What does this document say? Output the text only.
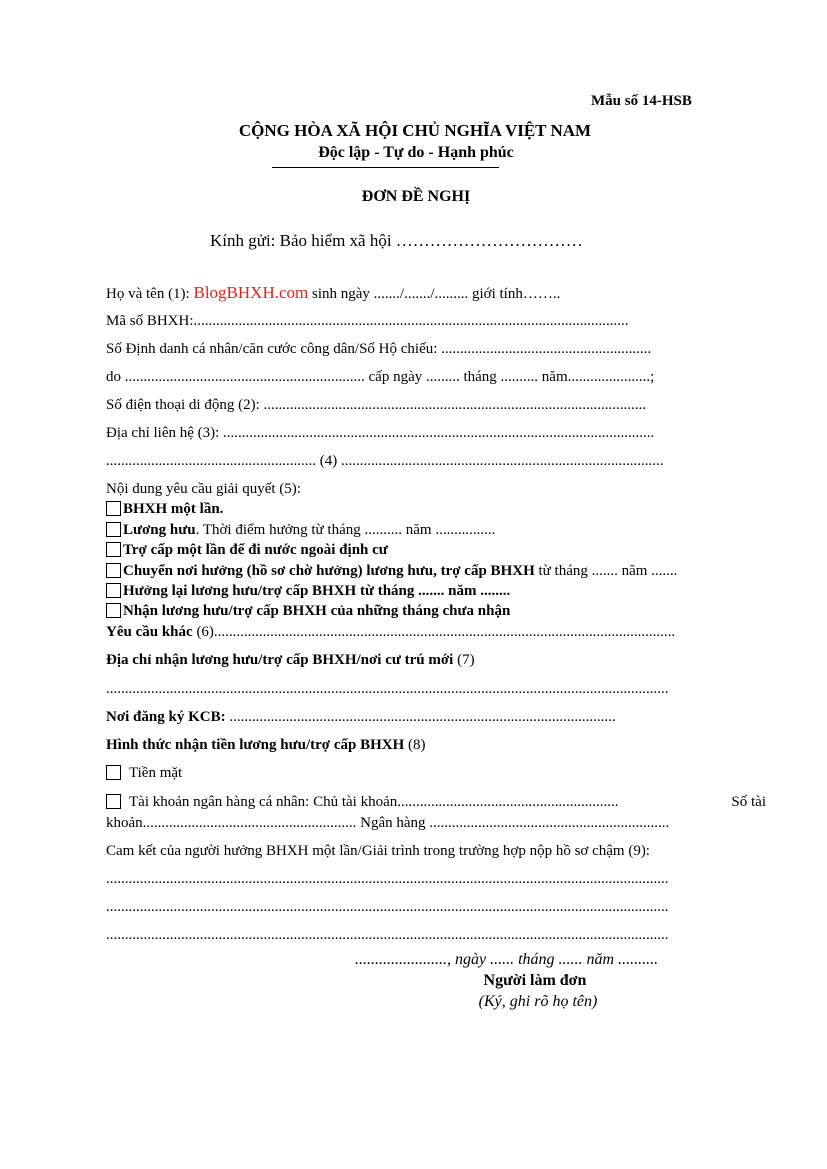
Mẫu số 14-HSB
CỘNG HÒA XÃ HỘI CHỦ NGHĨA VIỆT NAM
Độc lập - Tự do - Hạnh phúc
ĐƠN ĐỀ NGHỊ
Kính gửi: Bảo hiểm xã hội ……………………………
Họ và tên (1): BlogBHXH.com sinh ngày ......./......./......... giới tính……..
Mã số BHXH:....................................................................................................................
Số Định danh cá nhân/căn cước công dân/Số Hộ chiếu: ........................................................
do ................................................................ cấp ngày ......... tháng .......... năm......................;
Số điện thoại di động (2): ......................................................................................................
Địa chỉ liên hệ (3): ...................................................................................................................
........................................................ (4) ......................................................................................
Nội dung yêu cầu giải quyết (5):
BHXH một lần.
Lương hưu. Thời điểm hưởng từ tháng .......... năm ................
Trợ cấp một lần để đi nước ngoài định cư
Chuyển nơi hưởng (hồ sơ chờ hưởng) lương hưu, trợ cấp BHXH từ tháng ....... năm .......
Hưởng lại lương hưu/trợ cấp BHXH từ tháng ....... năm ........
Nhận lương hưu/trợ cấp BHXH của những tháng chưa nhận
Yêu cầu khác (6)...........................................................................................................................
Địa chỉ nhận lương hưu/trợ cấp BHXH/nơi cư trú mới (7)
......................................................................................................................................................
Nơi đăng ký KCB: .......................................................................................................
Hình thức nhận tiền lương hưu/trợ cấp BHXH (8)
Tiền mặt
Tài khoản ngân hàng cá nhân: Chủ tài khoản...........................................................	Số tài
khoản......................................................... Ngân hàng ................................................................
Cam kết của người hưởng BHXH một lần/Giải trình trong trường hợp nộp hồ sơ chậm (9):
......................................................................................................................................................
......................................................................................................................................................
......................................................................................................................................................
......................., ngày ...... tháng ...... năm ..........
Người làm đơn
(Ký, ghi rõ họ tên)
